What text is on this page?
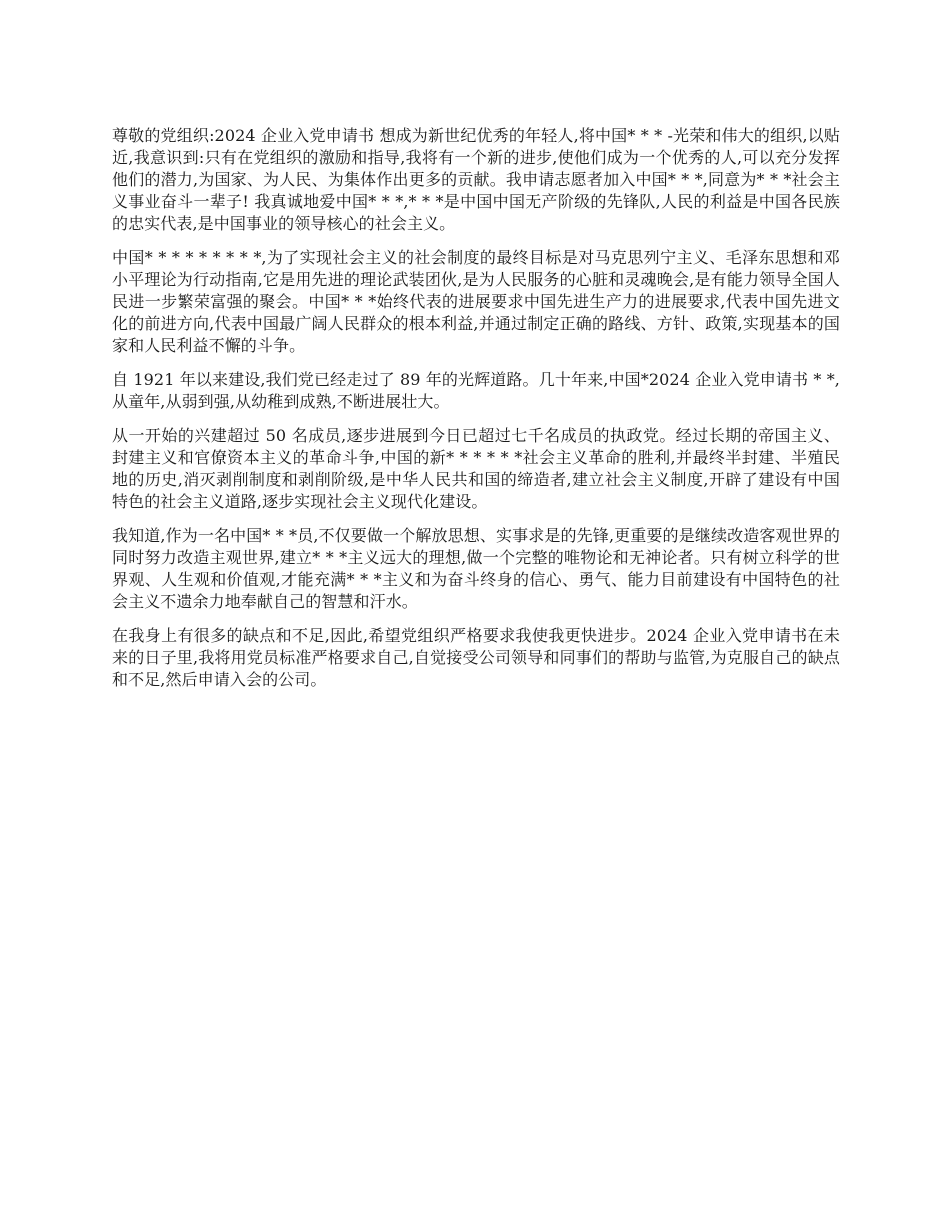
尊敬的党组织:2024 企业入党申请书 想成为新世纪优秀的年轻人,将中国* * * -光荣和伟大的组织,以贴近,我意识到:只有在党组织的激励和指导,我将有一个新的进步,使他们成为一个优秀的人,可以充分发挥他们的潜力,为国家、为人民、为集体作出更多的贡献。我申请志愿者加入中国* * *,同意为* * *社会主义事业奋斗一辈子! 我真诚地爱中国* * *,* * *是中国中国无产阶级的先锋队,人民的利益是中国各民族的忠实代表,是中国事业的领导核心的社会主义。

中国* * * * * * * * *,为了实现社会主义的社会制度的最终目标是对马克思列宁主义、毛泽东思想和邓小平理论为行动指南,它是用先进的理论武装团伙,是为人民服务的心脏和灵魂晚会,是有能力领导全国人民进一步繁荣富强的聚会。中国* * *始终代表的进展要求中国先进生产力的进展要求,代表中国先进文化的前进方向,代表中国最广阔人民群众的根本利益,并通过制定正确的路线、方针、政策,实现基本的国家和人民利益不懈的斗争。

自 1921 年以来建设,我们党已经走过了 89 年的光辉道路。几十年来,中国*2024 企业入党申请书 * *,从童年,从弱到强,从幼稚到成熟,不断进展壮大。

从一开始的兴建超过 50 名成员,逐步进展到今日已超过七千名成员的执政党。经过长期的帝国主义、封建主义和官僚资本主义的革命斗争,中国的新* * * * * *社会主义革命的胜利,并最终半封建、半殖民地的历史,消灭剥削制度和剥削阶级,是中华人民共和国的缔造者,建立社会主义制度,开辟了建设有中国特色的社会主义道路,逐步实现社会主义现代化建设。

我知道,作为一名中国* * *员,不仅要做一个解放思想、实事求是的先锋,更重要的是继续改造客观世界的同时努力改造主观世界,建立* * *主义远大的理想,做一个完整的唯物论和无神论者。只有树立科学的世界观、人生观和价值观,才能充满* * *主义和为奋斗终身的信心、勇气、能力目前建设有中国特色的社会主义不遗余力地奉献自己的智慧和汗水。

在我身上有很多的缺点和不足,因此,希望党组织严格要求我使我更快进步。2024 企业入党申请书在未来的日子里,我将用党员标准严格要求自己,自觉接受公司领导和同事们的帮助与监管,为克服自己的缺点和不足,然后申请入会的公司。
